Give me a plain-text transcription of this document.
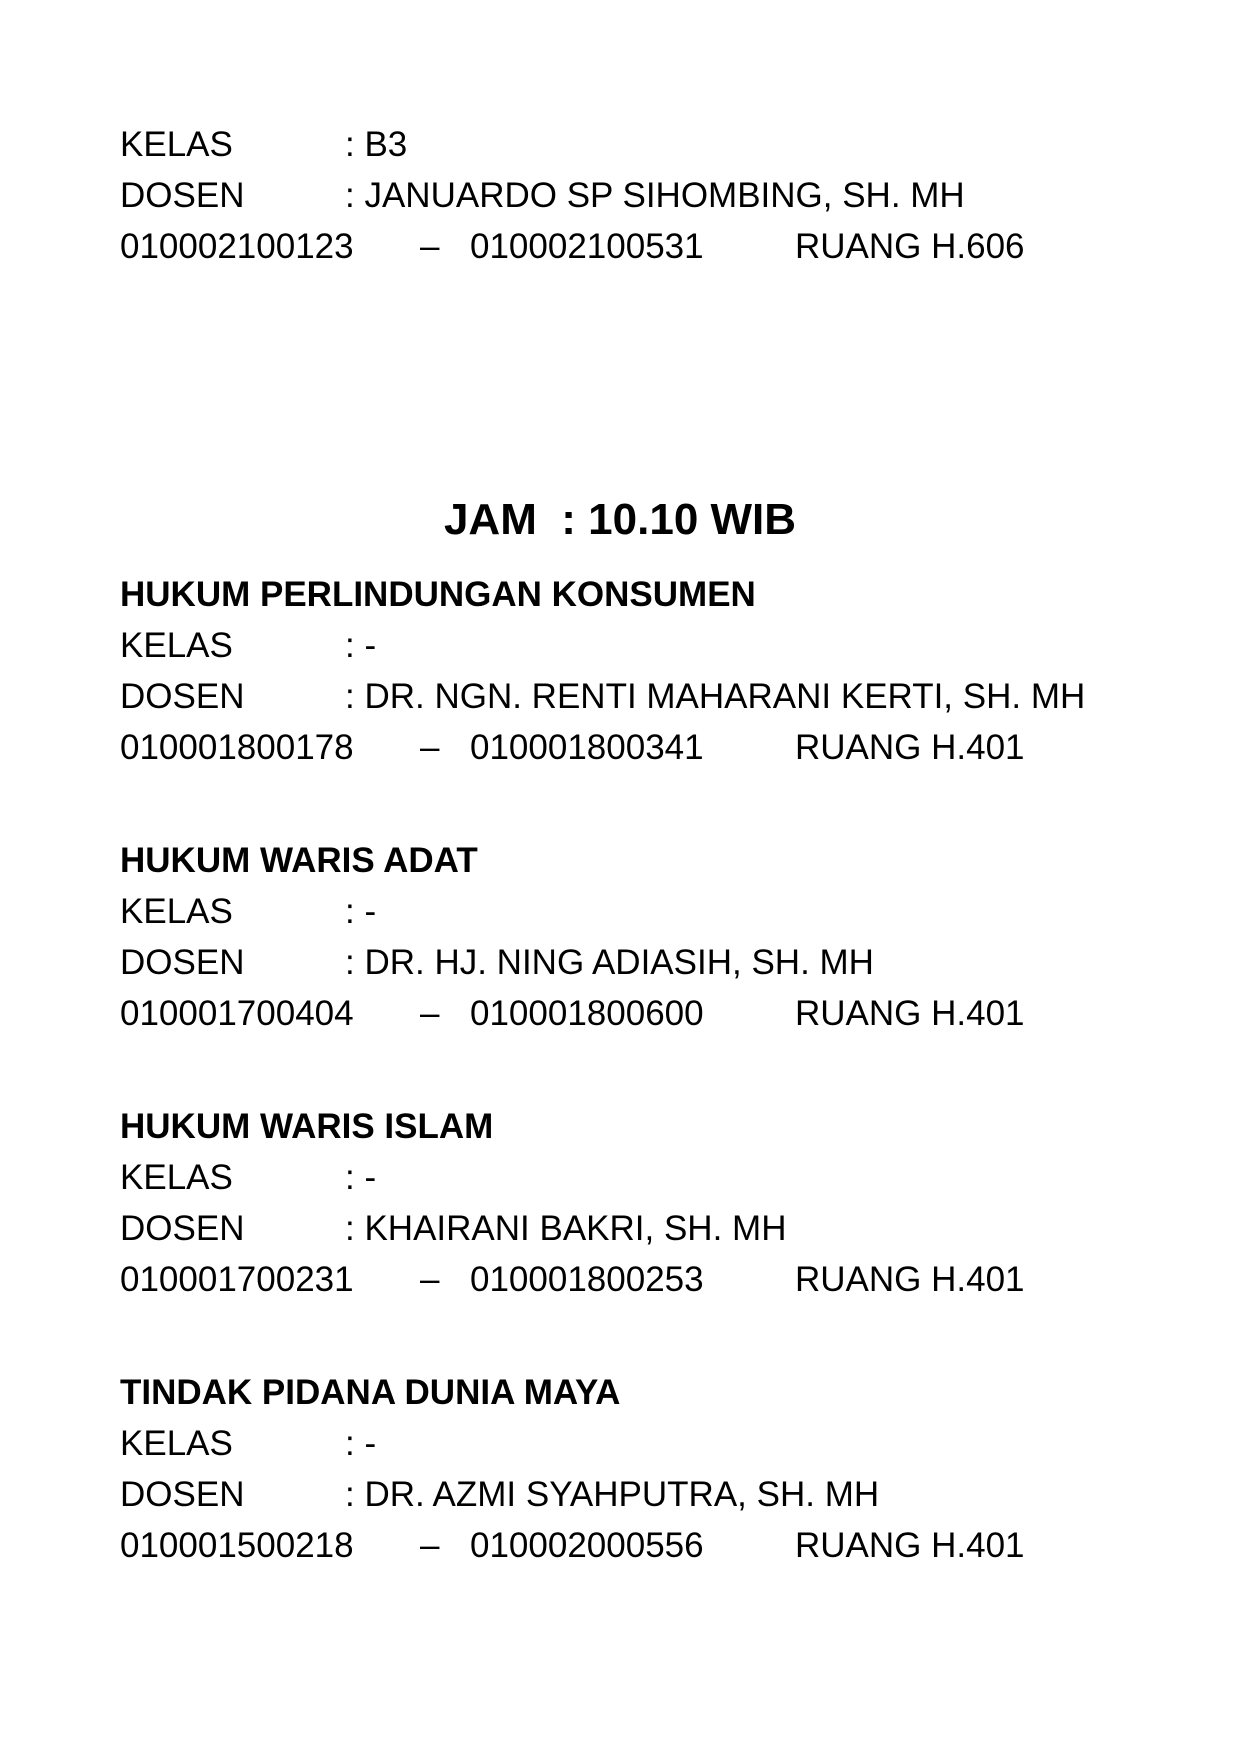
KELAS	: B3
DOSEN	: JANUARDO SP SIHOMBING, SH. MH
010002100123 – 010002100531	RUANG H.606
JAM  : 10.10 WIB
HUKUM PERLINDUNGAN KONSUMEN
KELAS	: -
DOSEN	: DR. NGN. RENTI MAHARANI KERTI, SH. MH
010001800178 – 010001800341	RUANG H.401
HUKUM WARIS ADAT
KELAS	: -
DOSEN	: DR. HJ. NING ADIASIH, SH. MH
010001700404 – 010001800600	RUANG H.401
HUKUM WARIS ISLAM
KELAS	: -
DOSEN	: KHAIRANI BAKRI, SH. MH
010001700231 – 010001800253	RUANG H.401
TINDAK PIDANA DUNIA MAYA
KELAS	: -
DOSEN	: DR. AZMI SYAHPUTRA, SH. MH
010001500218 – 010002000556	RUANG H.401
